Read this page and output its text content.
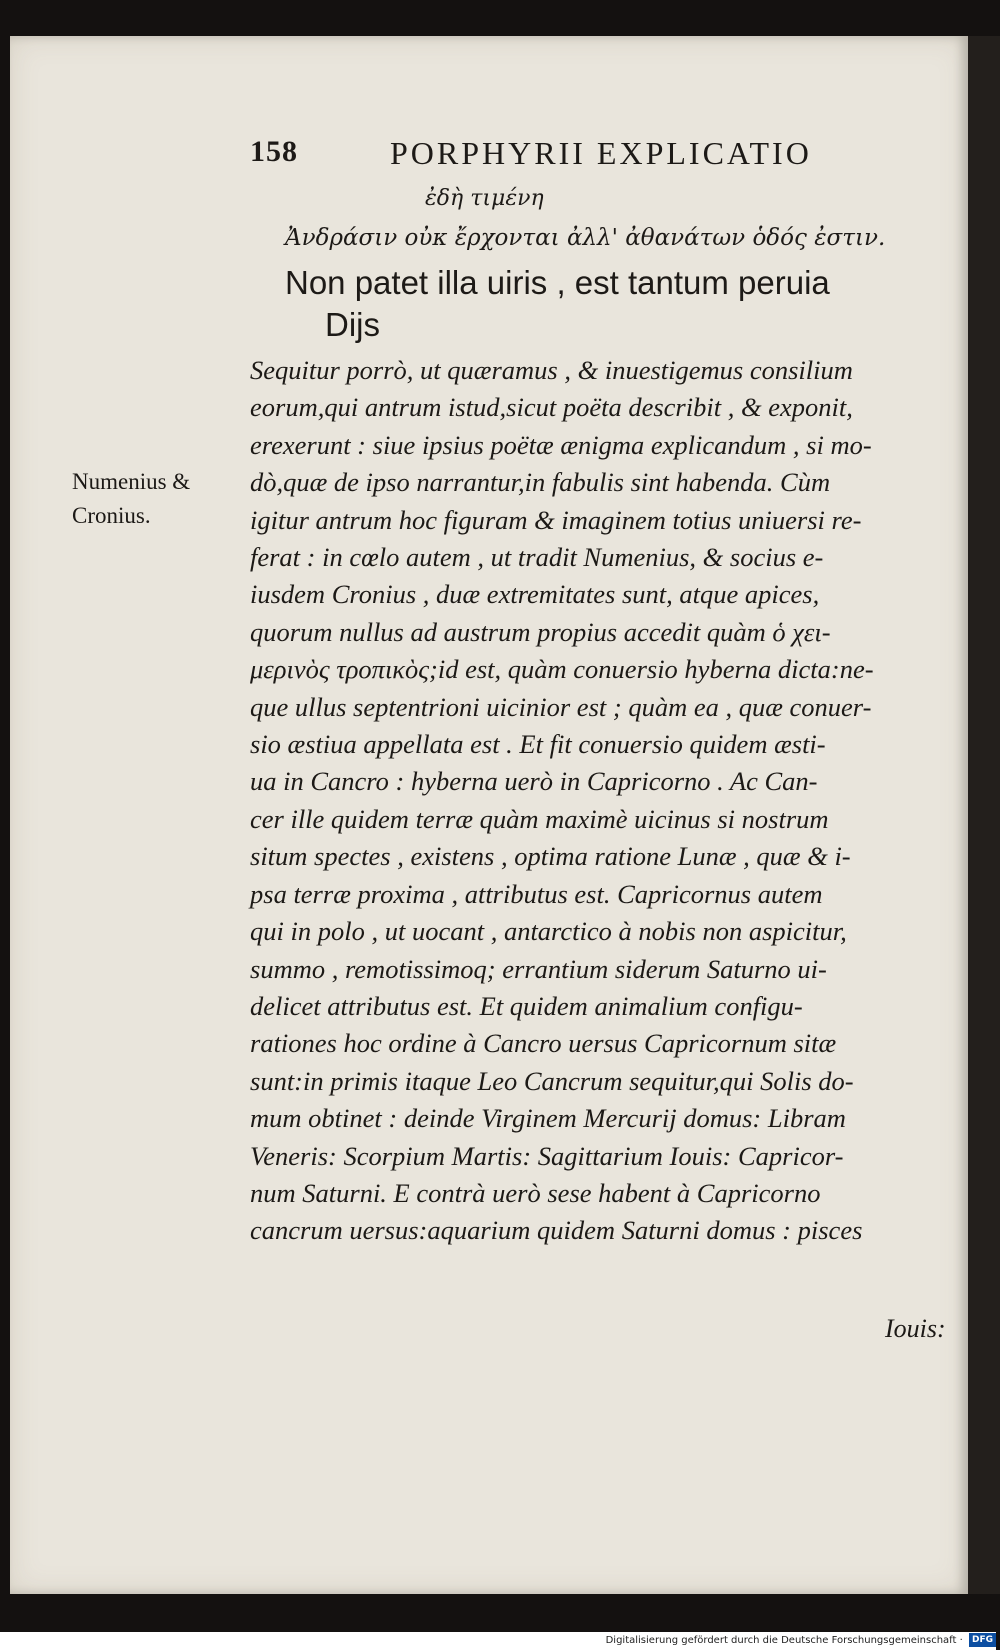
158	PORPHYRII EXPLICATIO
ἐδὴ τιμένη
Ἀνδράσιν οὐκ ἔρχονται ἀλλ' ἀθανάτων ὁδός ἐστιν.
Non patet illa uiris , est tantum peruia
Dijs
Numenius &
Cronius.
Sequitur porrò, ut quæramus , & inuestigemus consilium
eorum,qui antrum istud,sicut poëta describit , & exponit,
erexerunt : siue ipsius poëtæ ænigma explicandum , si mo-
dò,quæ de ipso narrantur,in fabulis sint habenda. Cùm
igitur antrum hoc figuram & imaginem totius uniuersi re-
ferat : in cœlo autem , ut tradit Numenius, & socius e-
iusdem Cronius , duæ extremitates sunt, atque apices,
quorum nullus ad austrum propius accedit quàm ὁ χει-
μερινὸς τροπικὸς;id est, quàm conuersio hyberna dicta:ne-
que ullus septentrioni uicinior est ; quàm ea , quæ conuer-
sio æstiua appellata est . Et fit conuersio quidem æsti-
ua in Cancro : hyberna uerò in Capricorno . Ac Can-
cer ille quidem terræ quàm maximè uicinus si nostrum
situm spectes , existens , optima ratione Lunæ , quæ & i-
psa terræ proxima , attributus est. Capricornus autem
qui in polo , ut uocant , antarctico à nobis non aspicitur,
summo , remotissimoq; errantium siderum Saturno ui-
delicet attributus est. Et quidem animalium configu-
rationes hoc ordine à Cancro uersus Capricornum sitæ
sunt:in primis itaque Leo Cancrum sequitur,qui Solis do-
mum obtinet : deinde Virginem Mercurij domus: Libram
Veneris: Scorpium Martis: Sagittarium Iouis: Capricor-
num Saturni. E contrà uerò sese habent à Capricorno
cancrum uersus:aquarium quidem Saturni domus : pisces
Iouis:
Digitalisierung gefördert durch die Deutsche Forschungsgemeinschaft · DFG
